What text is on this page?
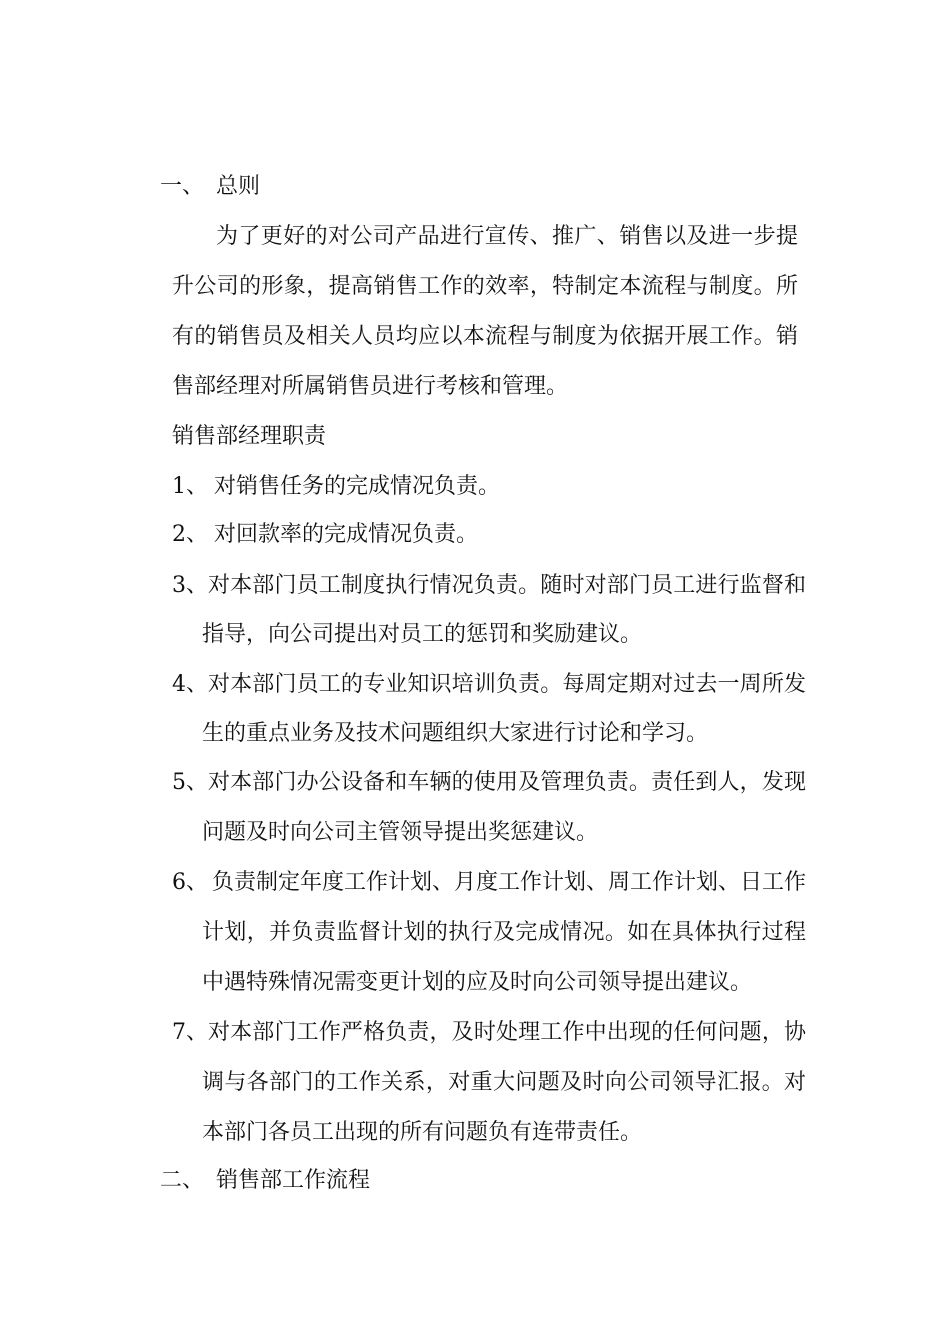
一、 总则
为了更好的对公司产品进行宣传、推广、销售以及进一步提
升公司的形象，提高销售工作的效率，特制定本流程与制度。所
有的销售员及相关人员均应以本流程与制度为依据开展工作。销
售部经理对所属销售员进行考核和管理。
销售部经理职责
1、 对销售任务的完成情况负责。
2、 对回款率的完成情况负责。
3、 对本部门员工制度执行情况负责。随时对部门员工进行监督和
指导，向公司提出对员工的惩罚和奖励建议。
4、 对本部门员工的专业知识培训负责。每周定期对过去一周所发
生的重点业务及技术问题组织大家进行讨论和学习。
5、 对本部门办公设备和车辆的使用及管理负责。责任到人，发现
问题及时向公司主管领导提出奖惩建议。
6、 负责制定年度工作计划、月度工作计划、周工作计划、日工作
计划，并负责监督计划的执行及完成情况。如在具体执行过程
中遇特殊情况需变更计划的应及时向公司领导提出建议。
7、 对本部门工作严格负责，及时处理工作中出现的任何问题，协
调与各部门的工作关系，对重大问题及时向公司领导汇报。对
本部门各员工出现的所有问题负有连带责任。
二、 销售部工作流程
